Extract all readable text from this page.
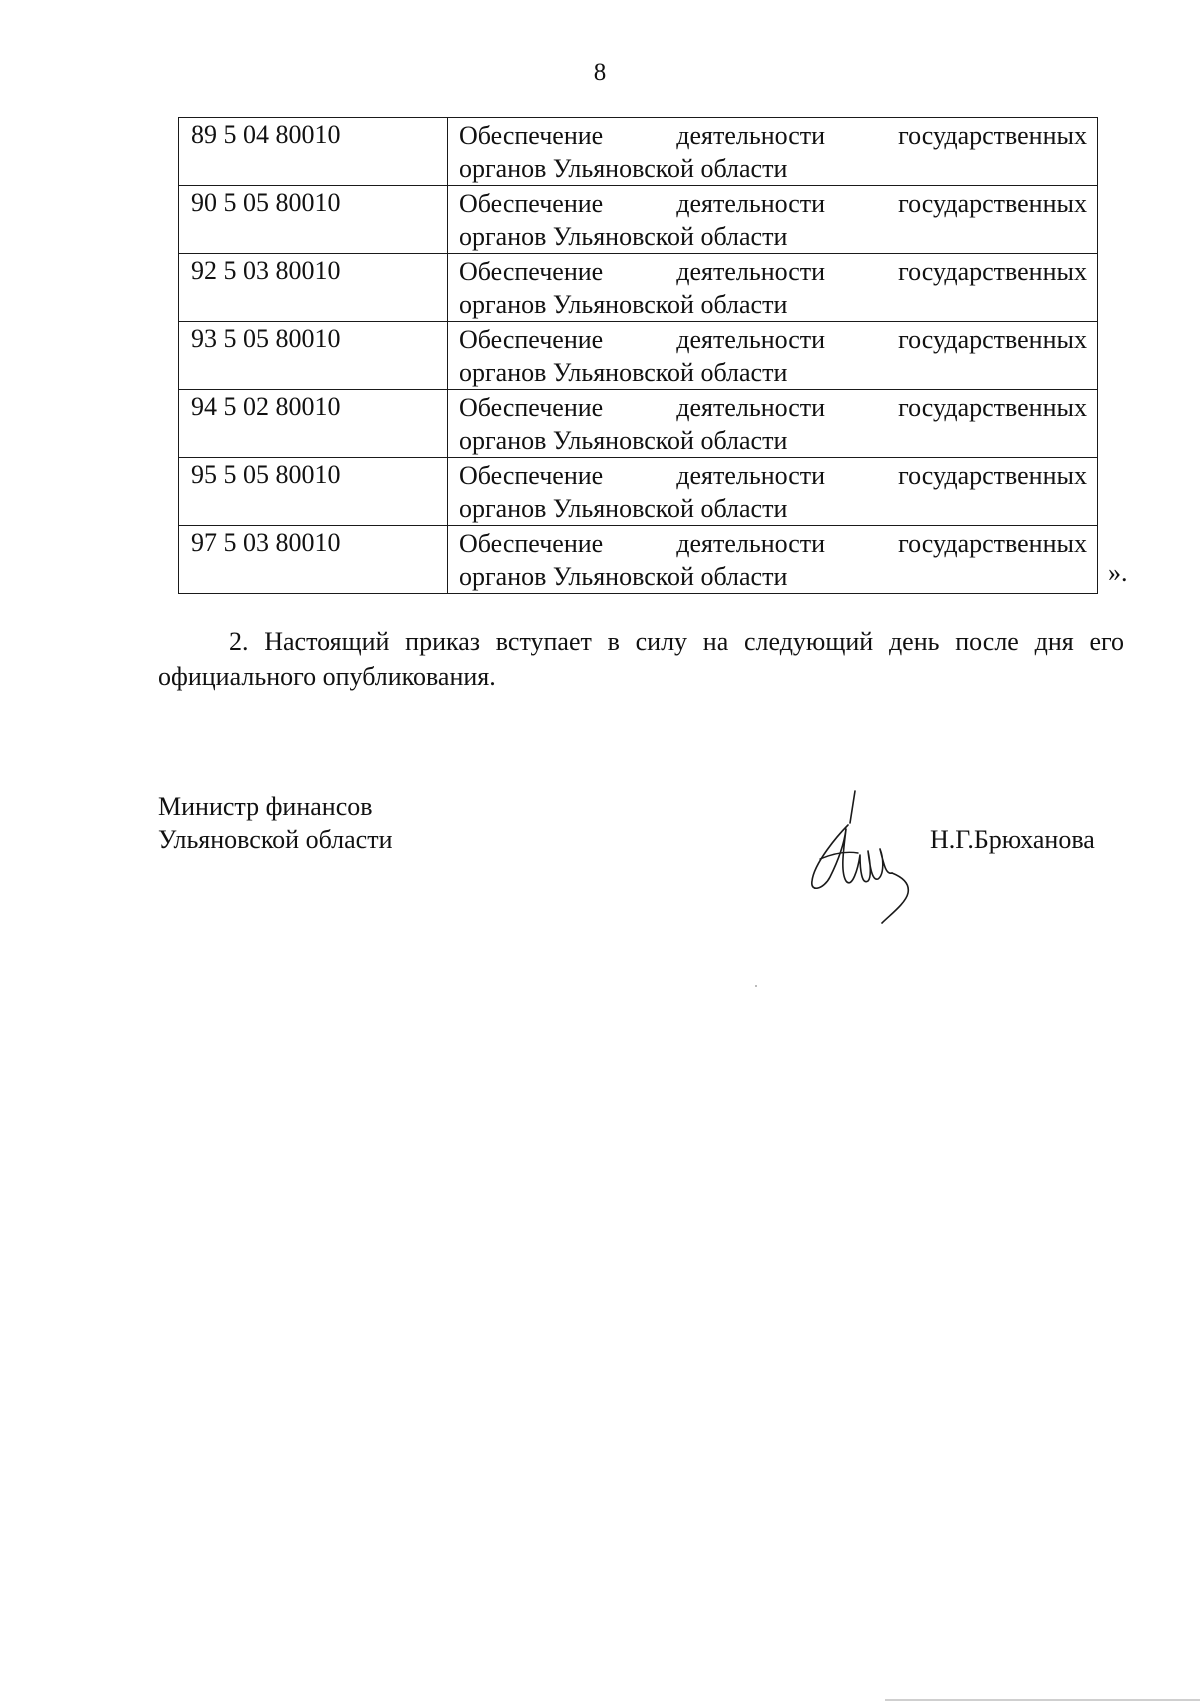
8
89 5 04 80010	Обеспечение деятельности государственных
органов Ульяновской области

90 5 05 80010	Обеспечение деятельности государственных
органов Ульяновской области

92 5 03 80010	Обеспечение деятельности государственных
органов Ульяновской области

93 5 05 80010	Обеспечение деятельности государственных
органов Ульяновской области

94 5 02 80010	Обеспечение деятельности государственных
органов Ульяновской области

95 5 05 80010	Обеспечение деятельности государственных
органов Ульяновской области

97 5 03 80010	Обеспечение деятельности государственных
органов Ульяновской области	».
2. Настоящий приказ вступает в силу на следующий день после дня его официального опубликования.
Министр финансов
Ульяновской области	Н.Г.Брюханова
